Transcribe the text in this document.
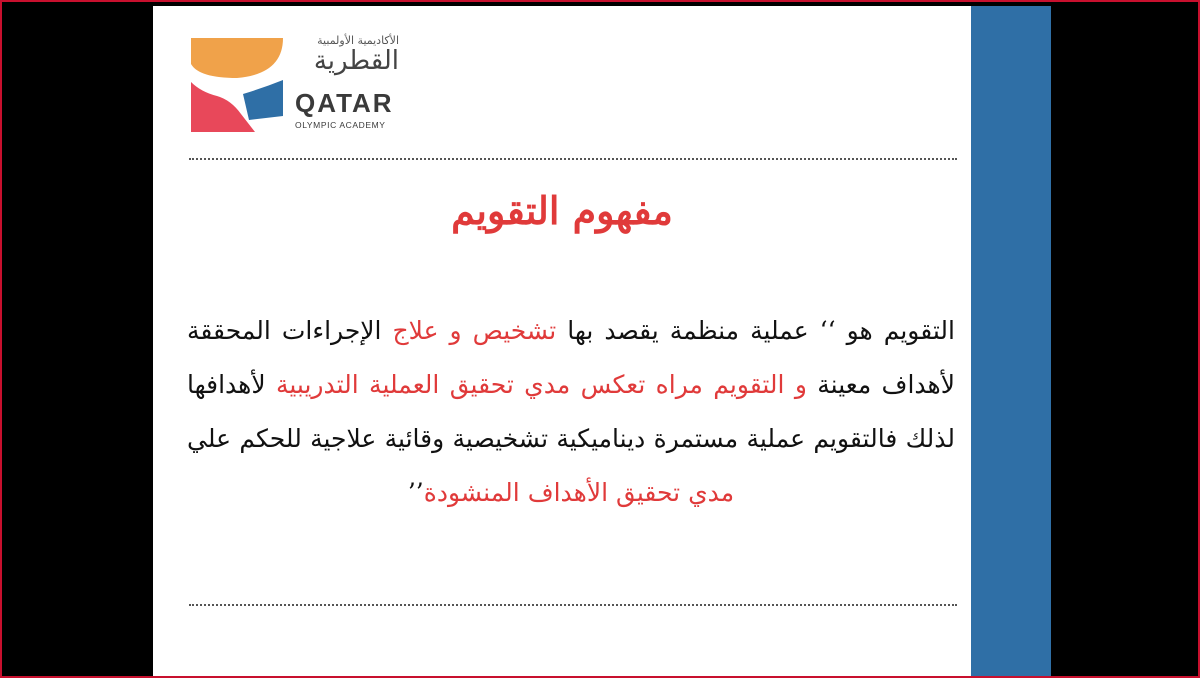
الأكاديمية الأولمبية
القطرية
QATAR
OLYMPIC ACADEMY
مفهوم التقويم
التقويم هو ‘‘ عملية منظمة يقصد بها تشخيص و علاج الإجراءات المحققة لأهداف معينة و التقويم مراه تعكس مدي تحقيق العملية التدريبية لأهدافها لذلك فالتقويم عملية مستمرة ديناميكية تشخيصية وقائية علاجية للحكم علي مدي تحقيق الأهداف المنشودة’’
